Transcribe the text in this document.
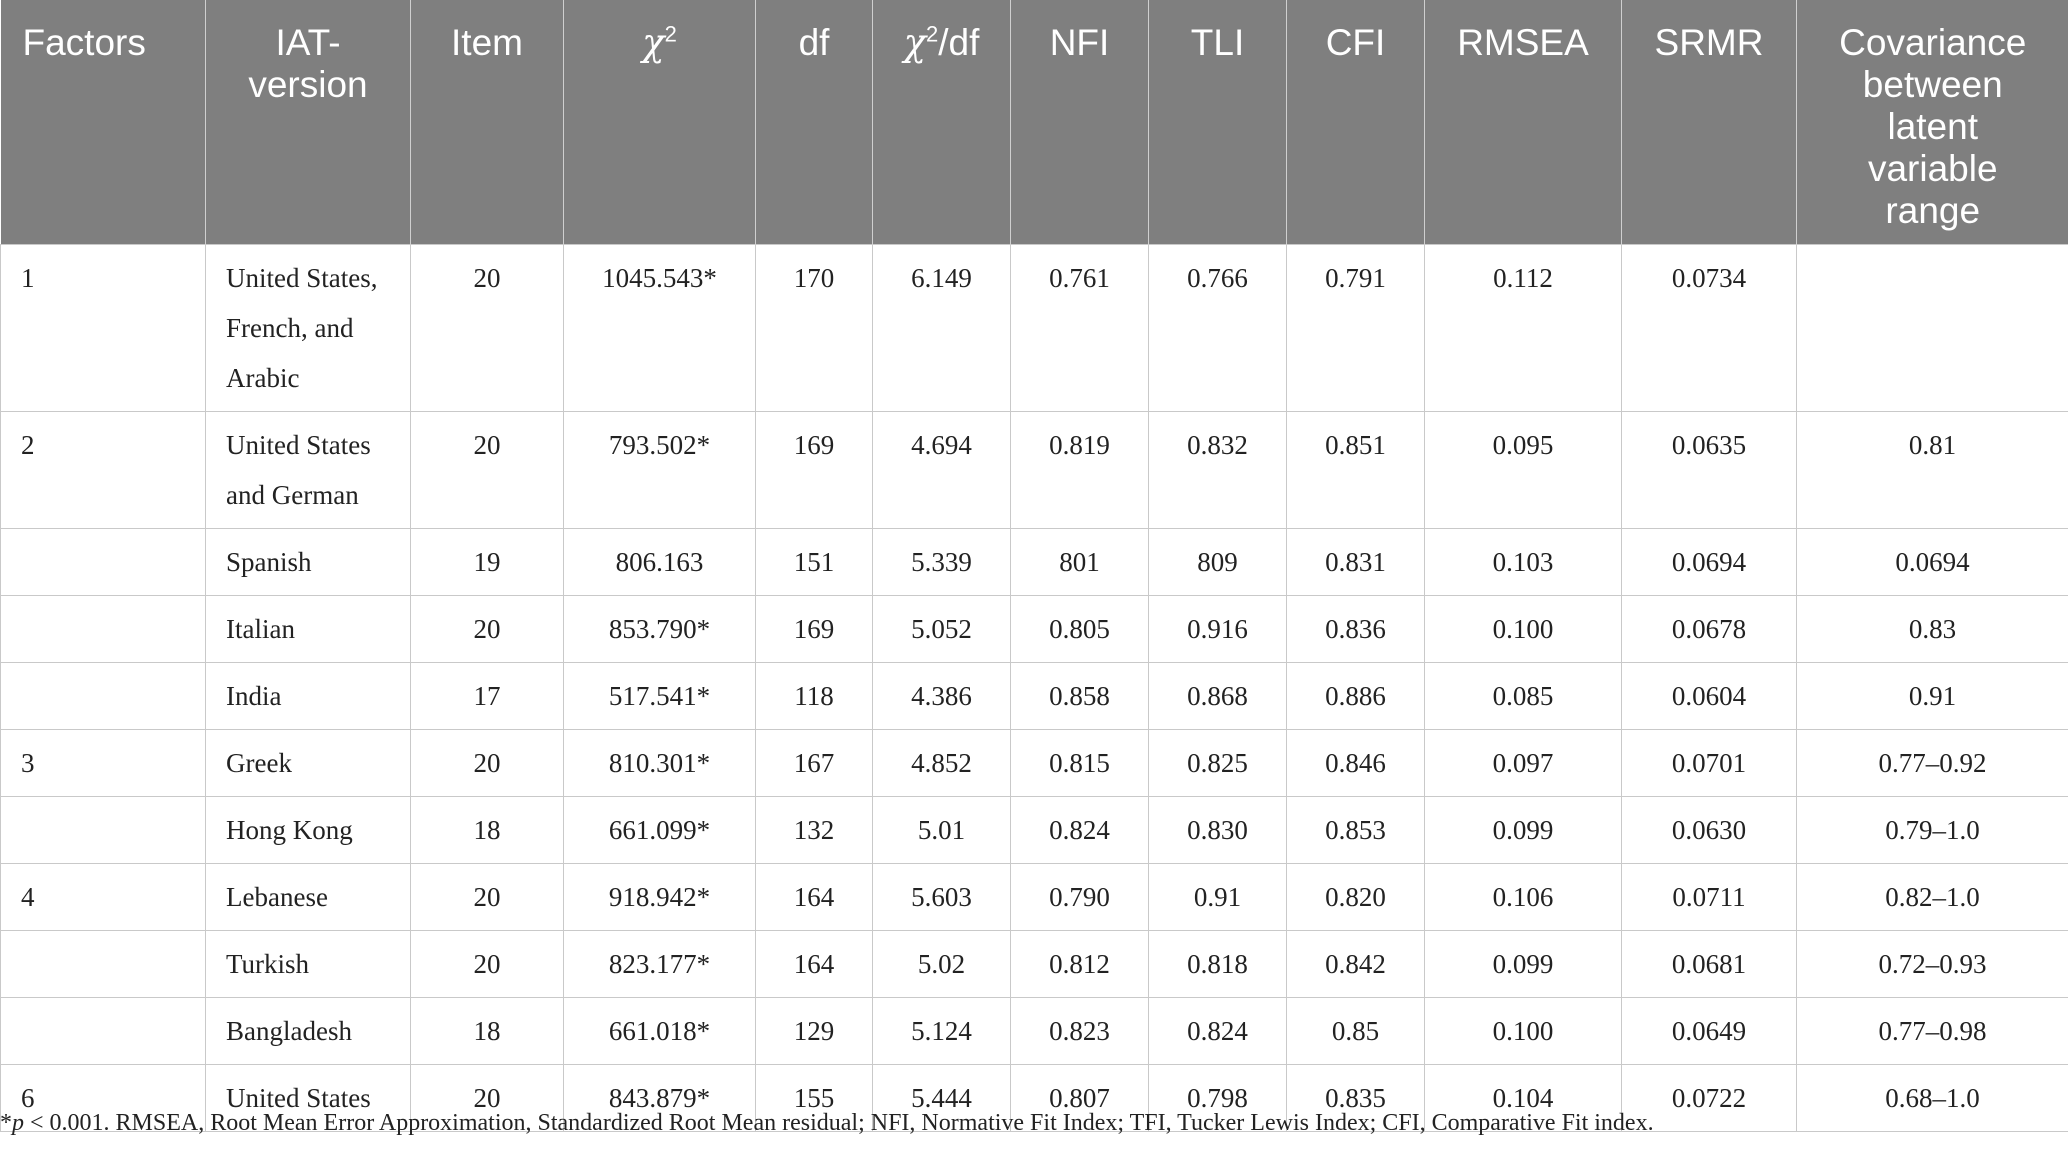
Factors	IAT-
version	Item	$\chi^2$	df	$\chi^2/df$	NFI	TLI	CFI	RMSEA	SRMR	Covariance
between
latent
variable
range
1	United States,
French, and
Arabic	20	1045.543*	170	6.149	0.761	0.766	0.791	0.112	0.0734	
2	United States
and German	20	793.502*	169	4.694	0.819	0.832	0.851	0.095	0.0635	0.81
	Spanish	19	806.163	151	5.339	801	809	0.831	0.103	0.0694	0.0694
	Italian	20	853.790*	169	5.052	0.805	0.916	0.836	0.100	0.0678	0.83
	India	17	517.541*	118	4.386	0.858	0.868	0.886	0.085	0.0604	0.91
3	Greek	20	810.301*	167	4.852	0.815	0.825	0.846	0.097	0.0701	0.77–0.92
	Hong Kong	18	661.099*	132	5.01	0.824	0.830	0.853	0.099	0.0630	0.79–1.0
4	Lebanese	20	918.942*	164	5.603	0.790	0.91	0.820	0.106	0.0711	0.82–1.0
	Turkish	20	823.177*	164	5.02	0.812	0.818	0.842	0.099	0.0681	0.72–0.93
	Bangladesh	18	661.018*	129	5.124	0.823	0.824	0.85	0.100	0.0649	0.77–0.98
6	United States	20	843.879*	155	5.444	0.807	0.798	0.835	0.104	0.0722	0.68–1.0
*p < 0.001. RMSEA, Root Mean Error Approximation, Standardized Root Mean residual; NFI, Normative Fit Index; TFI, Tucker Lewis Index; CFI, Comparative Fit index.
